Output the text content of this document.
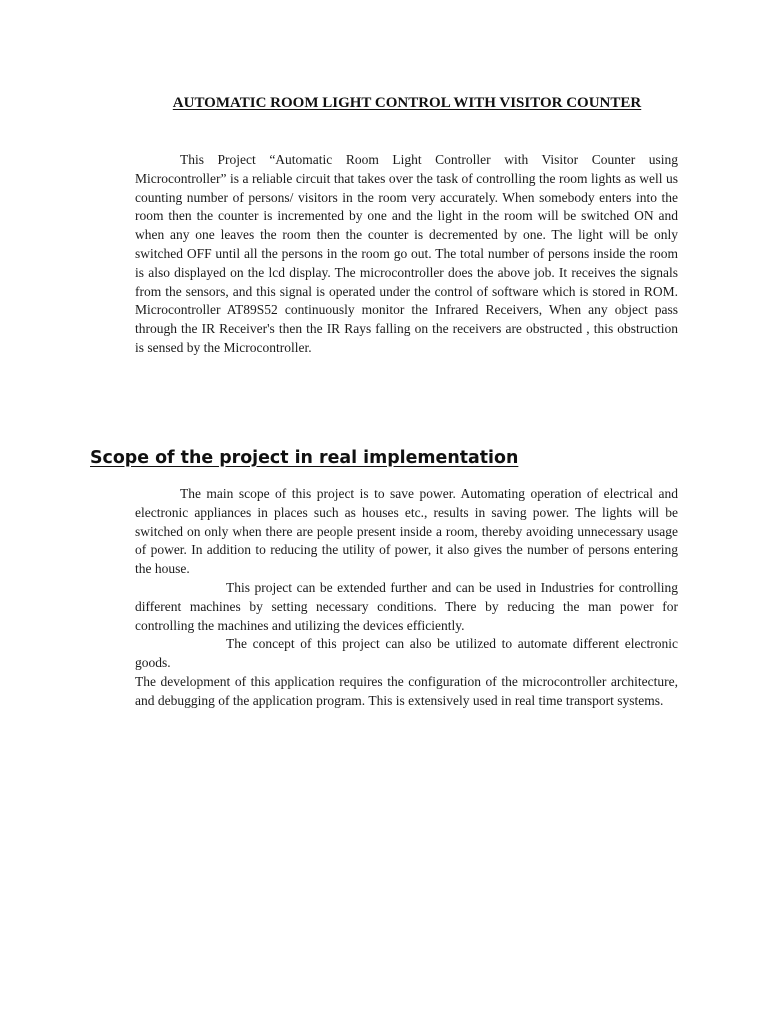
AUTOMATIC ROOM LIGHT CONTROL WITH VISITOR COUNTER

This Project “Automatic Room Light Controller with Visitor Counter using Microcontroller” is a reliable circuit that takes over the task of controlling the room lights as well us counting number of persons/ visitors in the room very accurately. When somebody enters into the room then the counter is incremented by one and the light in the room will be switched ON and when any one leaves the room then the counter is decremented by one. The light will be only switched OFF until all the persons in the room go out. The total number of persons inside the room is also displayed on the lcd display. The microcontroller does the above job. It receives the signals from the sensors, and this signal is operated under the control of software which is stored in ROM. Microcontroller AT89S52 continuously monitor the Infrared Receivers, When any object pass through the IR Receiver's then the IR Rays falling on the receivers are obstructed , this obstruction is sensed by the Microcontroller.

Scope of the project in real implementation

The main scope of this project is to save power. Automating operation of electrical and electronic appliances in places such as houses etc., results in saving power. The lights will be switched on only when there are people present inside a room, thereby avoiding unnecessary usage of power. In addition to reducing the utility of power, it also gives the number of persons entering the house.

This project can be extended further and can be used in Industries for controlling different machines by setting necessary conditions. There by reducing the man power for controlling the machines and utilizing the devices efficiently.

The concept of this project can also be utilized to automate different electronic goods.

The development of this application requires the configuration of the microcontroller architecture, and debugging of the application program. This is extensively used in real time transport systems.
